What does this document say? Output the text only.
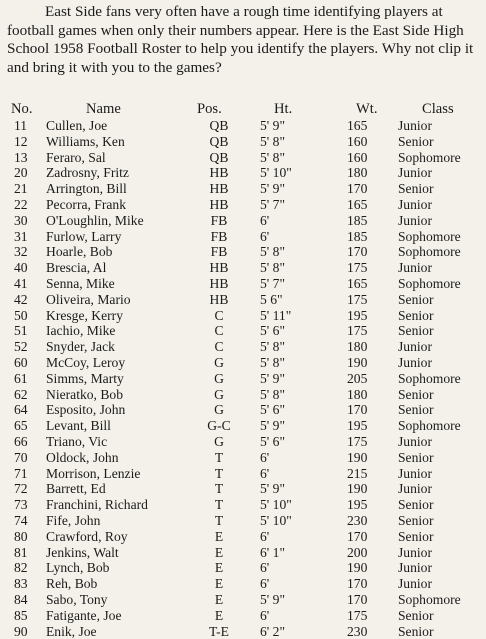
East Side fans very often have a rough time identifying players at football games when only their numbers appear. Here is the East Side High School 1958 Football Roster to help you identify the players. Why not clip it and bring it with you to the games?

No.	Name	Pos.	Ht.	Wt.	Class
11 Cullen, Joe	QB	5' 9"	165 Junior
12 Williams, Ken	QB	5' 8"	160 Senior
13 Feraro, Sal	QB	5' 8"	160 Sophomore
20 Zadrosny, Fritz	HB	5' 10"	180 Junior
21 Arrington, Bill	HB	5' 9"	170 Senior
22 Pecorra, Frank	HB	5' 7"	165 Junior
30 O'Loughlin, Mike	FB	6'	185 Junior
31 Furlow, Larry	FB	6'	185 Sophomore
32 Hoarle, Bob	FB	5' 8"	170 Sophomore
40 Brescia, Al	HB	5' 8"	175 Junior
41 Senna, Mike	HB	5' 7"	165 Sophomore
42 Oliveira, Mario	HB	5 6"	175 Senior
50 Kresge, Kerry	C	5' 11"	195 Senior
51 Iachio, Mike	C	5' 6"	175 Senior
52 Snyder, Jack	C	5' 8"	180 Junior
60 McCoy, Leroy	G	5' 8"	190 Junior
61 Simms, Marty	G	5' 9"	205 Sophomore
62 Nieratko, Bob	G	5' 8"	180 Senior
64 Esposito, John	G	5' 6"	170 Senior
65 Levant, Bill	G-C	5' 9"	195 Sophomore
66 Triano, Vic	G	5' 6"	175 Junior
70 Oldock, John	T	6'	190 Senior
71 Morrison, Lenzie	T	6'	215 Junior
72 Barrett, Ed	T	5' 9"	190 Junior
73 Franchini, Richard	T	5' 10"	195 Senior
74 Fife, John	T	5' 10"	230 Senior
80 Crawford, Roy	E	6'	170 Senior
81 Jenkins, Walt	E	6' 1"	200 Junior
82 Lynch, Bob	E	6'	190 Junior
83 Reh, Bob	E	6'	170 Junior
84 Sabo, Tony	E	5' 9"	170 Sophomore
85 Fatigante, Joe	E	6'	175 Senior
90 Enik, Joe	T-E	6' 2"	230 Senior
